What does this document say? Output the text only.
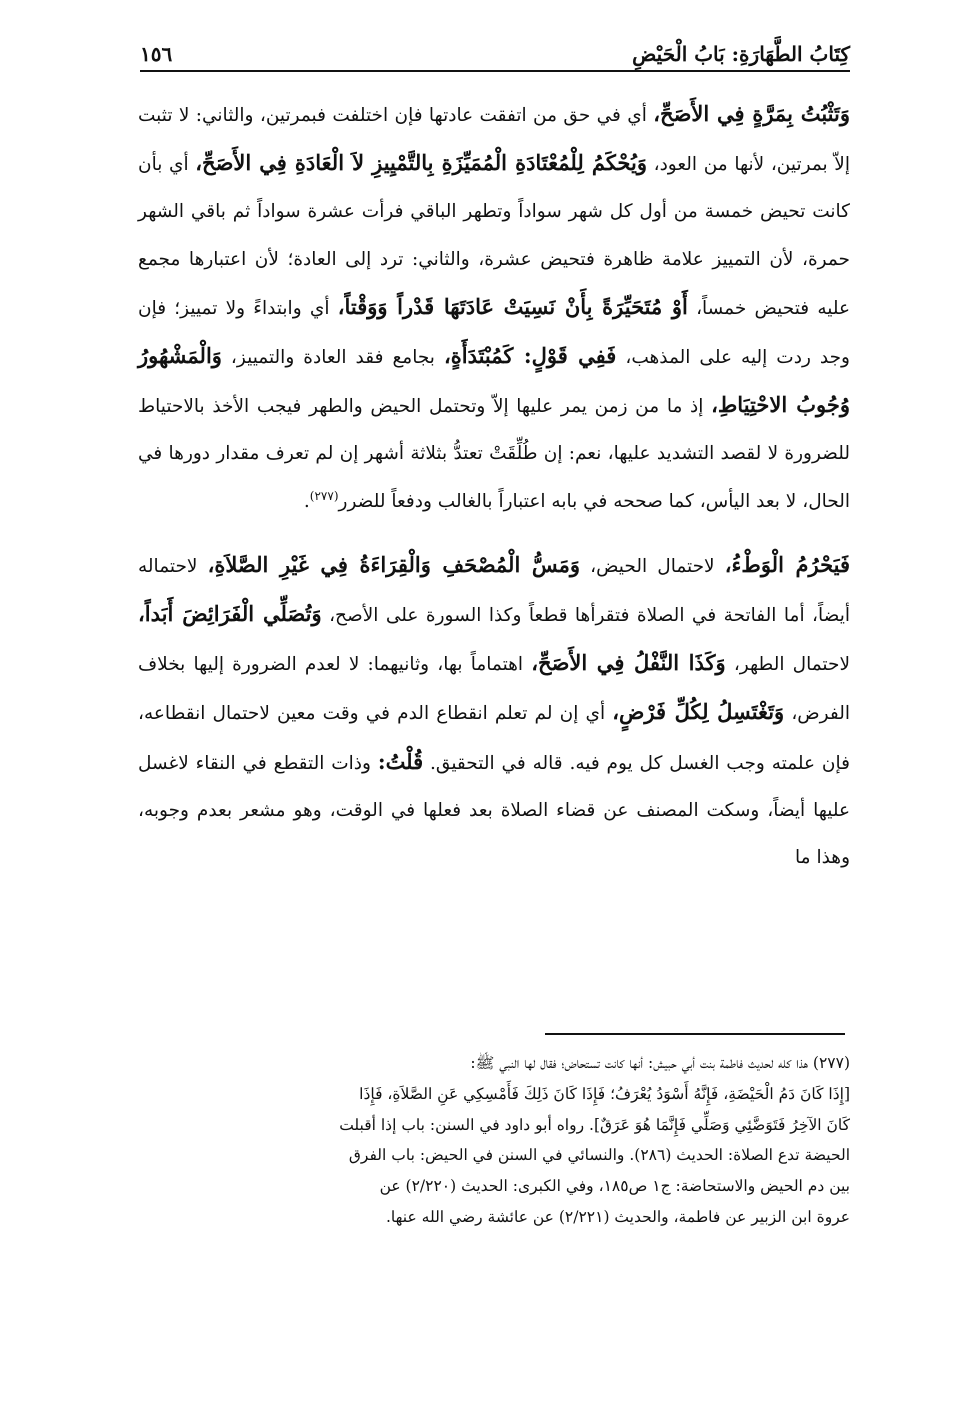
كِتَابُ الطَّهَارَةِ: بَابُ الْحَيْضِ
١٥٦

وَتَثْبُتُ بِمَرَّةٍ فِي الأَصَحِّ، أي في حق من اتفقت عادتها فإن اختلفت فبمرتين، والثاني: لا تثبت إلاّ بمرتين، لأنها من العود، وَيُحْكَمُ لِلْمُعْتَادَةِ الْمُمَيِّزَةِ بِالتَّمْيِيزِ لاَ الْعَادَةِ فِي الأَصَحِّ، أي بأن كانت تحيض خمسة من أول كل شهر سواداً وتطهر الباقي فرأت عشرة سواداً ثم باقي الشهر حمرة، لأن التمييز علامة ظاهرة فتحيض عشرة، والثاني: ترد إلى العادة؛ لأن اعتبارها مجمع عليه فتحيض خمساً، أَوْ مُتَحَيِّرَةً بِأَنْ نَسِيَتْ عَادَتَهَا قَدْراً وَوَقْتاً، أي وابتداءً ولا تمييز؛ فإن وجد ردت إليه على المذهب، فَفِي قَوْلٍ: كَمُبْتَدَأَةٍ، بجامع فقد العادة والتمييز، وَالْمَشْهُورُ وُجُوبُ الاحْتِيَاطِ، إذ ما من زمن يمر عليها إلاّ وتحتمل الحيض والطهر فيجب الأخذ بالاحتياط للضرورة لا لقصد التشديد عليها، نعم: إن طُلِّقَتْ تعتدُّ بثلاثة أشهر إن لم تعرف مقدار دورها في الحال، لا بعد اليأس، كما صححه في بابه اعتباراً بالغالب ودفعاً للضرر$^{(٢٧٧)}$.

فَيَحْرُمُ الْوَطْءُ، لاحتمال الحيض، وَمَسُّ الْمُصْحَفِ وَالْقِرَاءَةُ فِي غَيْرِ الصَّلاَةِ، لاحتماله أيضاً، أما الفاتحة في الصلاة فتقرأها قطعاً وكذا السورة على الأصح، وَتُصَلِّي الْفَرَائِضَ أَبَداً، لاحتمال الطهر، وَكَذَا النَّفْلُ فِي الأَصَحِّ، اهتماماً بها، وثانيهما: لا لعدم الضرورة إليها بخلاف الفرض، وَتَغْتَسِلُ لِكُلِّ فَرْضٍ، أي إن لم تعلم انقطاع الدم في وقت معين لاحتمال انقطاعه، فإن علمته وجب الغسل كل يوم فيه. قاله في التحقيق. قُلْتُ: وذات التقطع في النقاء لاغسل عليها أيضاً، وسكت المصنف عن قضاء الصلاة بعد فعلها في الوقت، وهو مشعر بعدم وجوبه، وهذا ما

(٢٧٧) هذا كله لحديث فاطمة بنت أبي حبيش: أنها كانت تستحاض؛ فقال لها النبي ﷺ:

[إِذَا كَانَ دَمُ الْحَيْضَةِ، فَإِنَّهُ أَسْوَدُ يُعْرَفُ؛ فَإِذَا كَانَ ذَلِكَ فَأَمْسِكِي عَنِ الصَّلاَةِ، فَإِذَا

كَانَ الآخِرُ فَتَوَضَّئِي وَصَلِّي فَإِنَّمَا هُوَ عَرَقٌ]. رواه أبو داود في السنن: باب إذا أقبلت

الحيضة تدع الصلاة: الحديث (٢٨٦). والنسائي في السنن في الحيض: باب الفرق

بين دم الحيض والاستحاضة: ج١ ص١٨٥، وفي الكبرى: الحديث (٢/٢٢٠) عن

عروة ابن الزبير عن فاطمة، والحديث (٢/٢٢١) عن عائشة رضي الله عنها.
